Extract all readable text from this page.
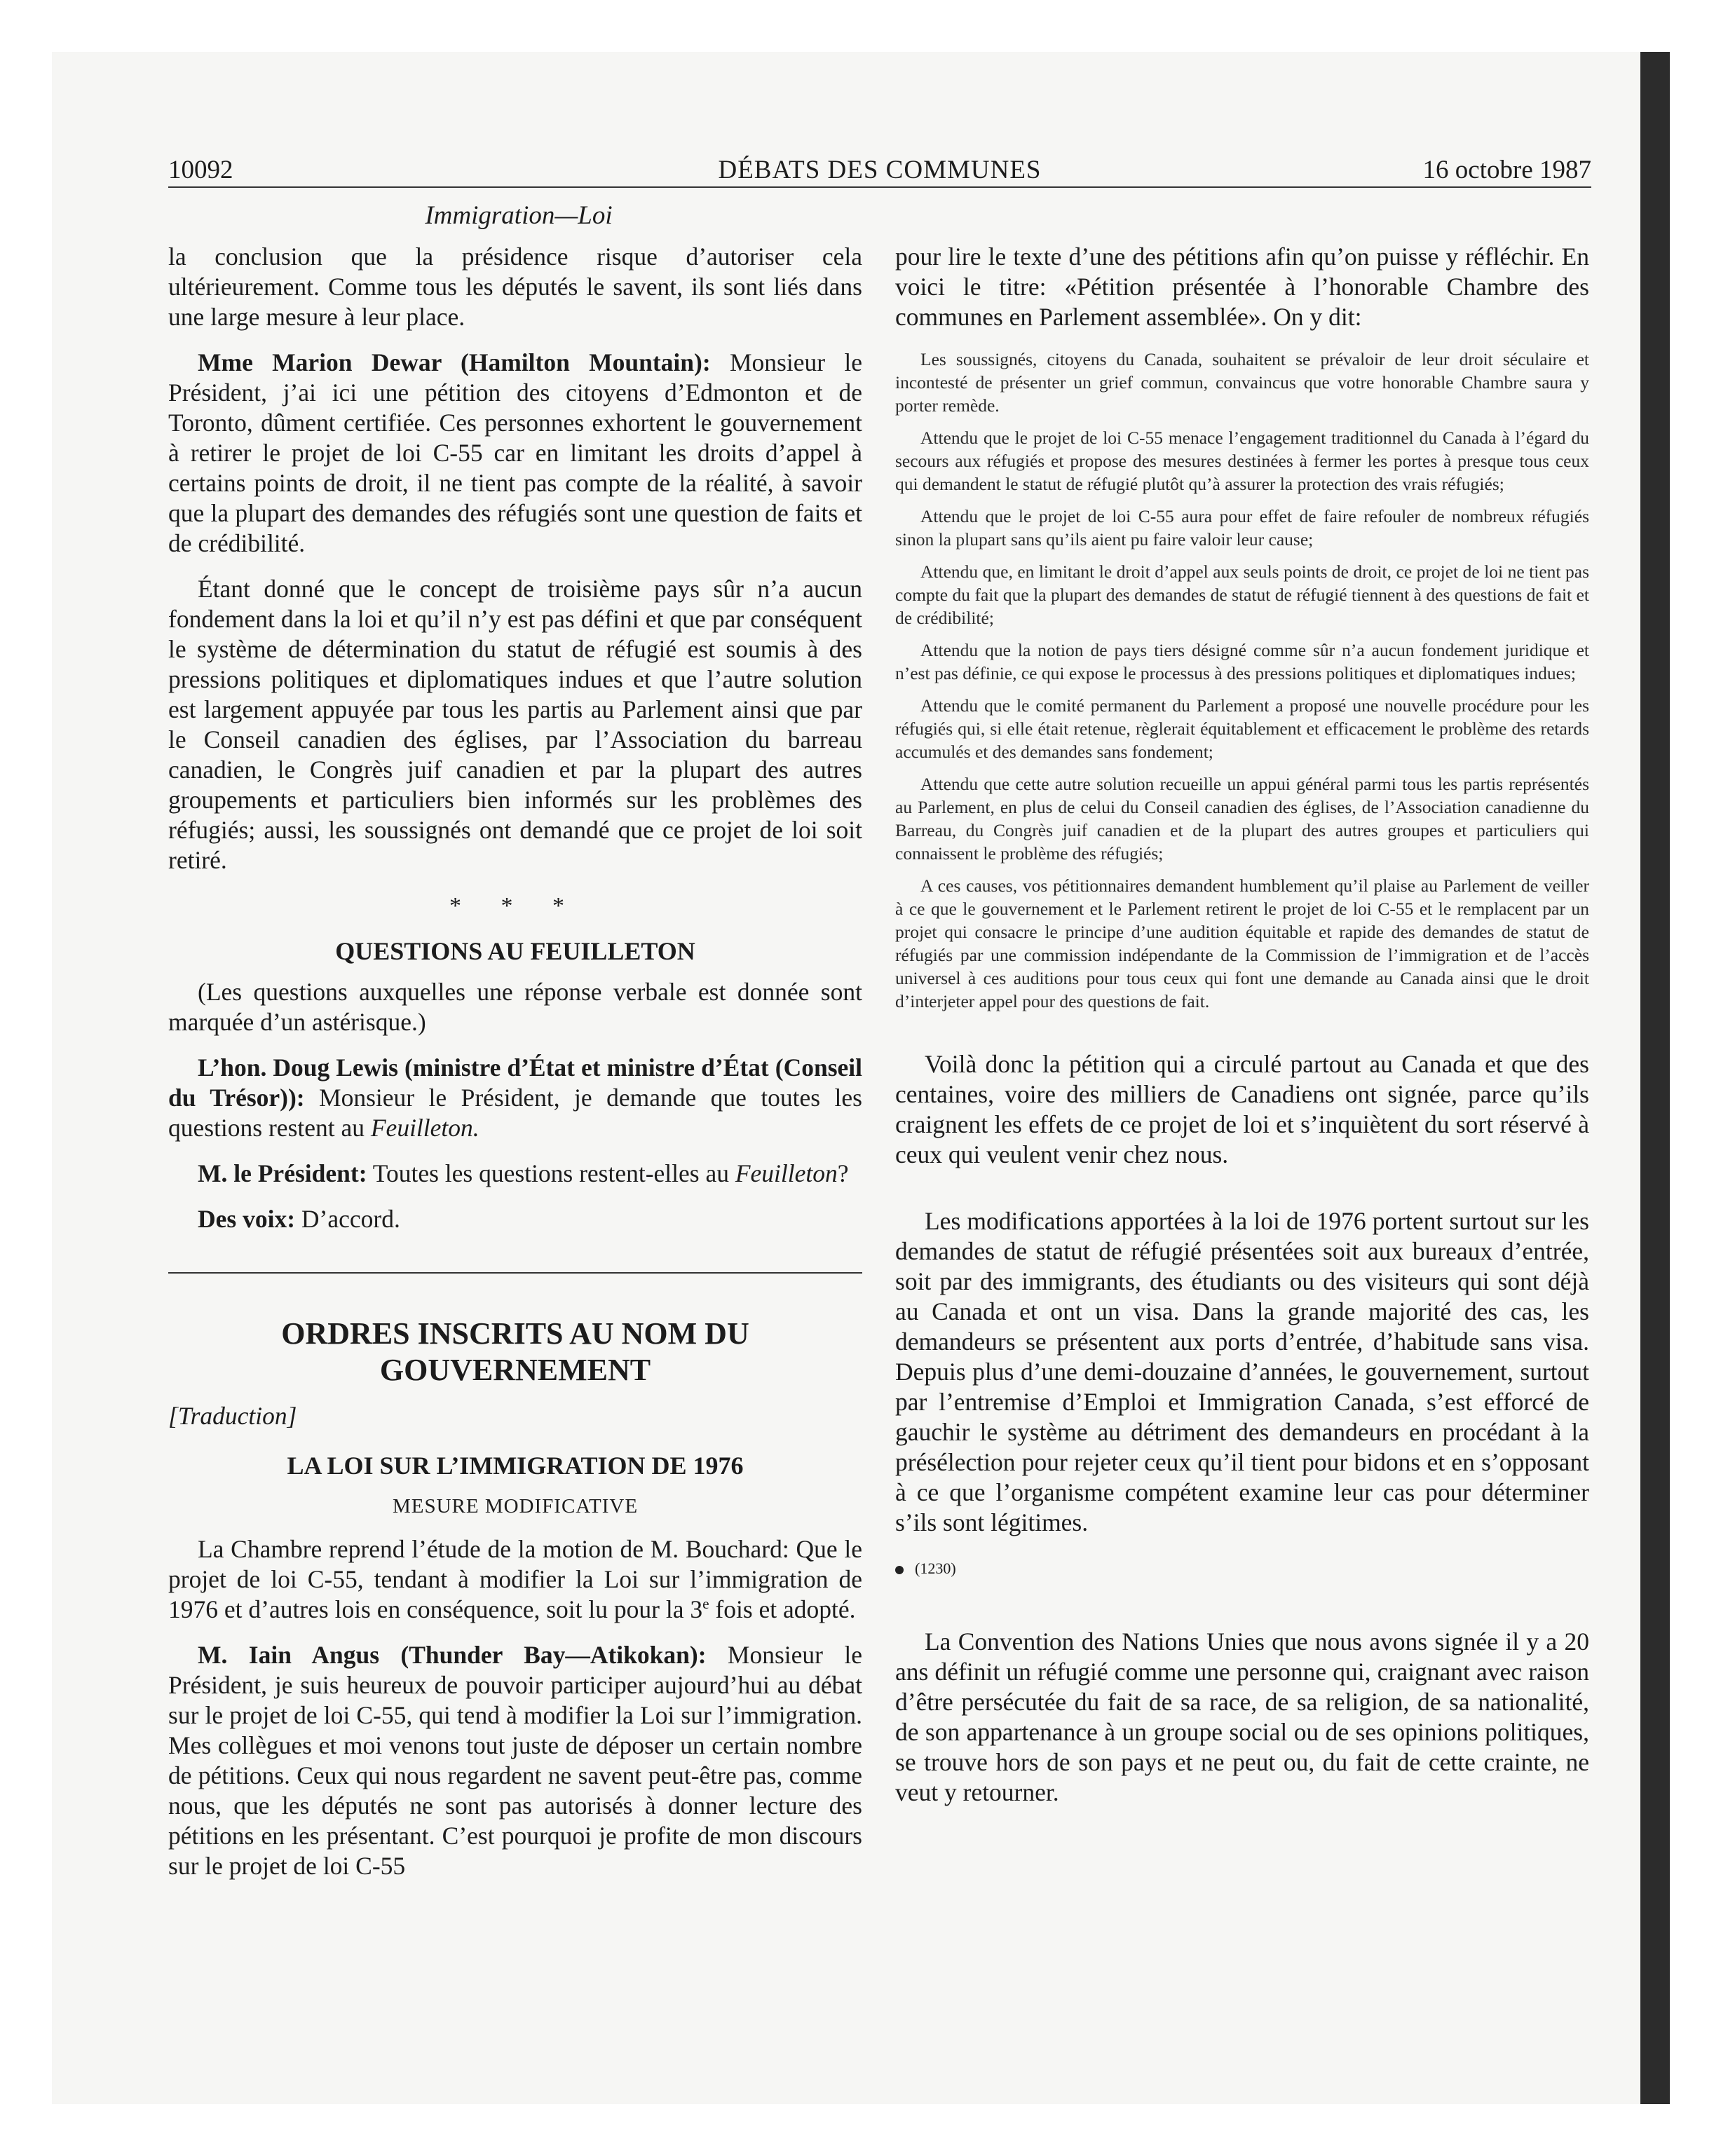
10092	DÉBATS DES COMMUNES	16 octobre 1987
Immigration—Loi

la conclusion que la présidence risque d’autoriser cela ultérieurement. Comme tous les députés le savent, ils sont liés dans une large mesure à leur place.

Mme Marion Dewar (Hamilton Mountain): Monsieur le Président, j’ai ici une pétition des citoyens d’Edmonton et de Toronto, dûment certifiée. Ces personnes exhortent le gouvernement à retirer le projet de loi C-55 car en limitant les droits d’appel à certains points de droit, il ne tient pas compte de la réalité, à savoir que la plupart des demandes des réfugiés sont une question de faits et de crédibilité.

Étant donné que le concept de troisième pays sûr n’a aucun fondement dans la loi et qu’il n’y est pas défini et que par conséquent le système de détermination du statut de réfugié est soumis à des pressions politiques et diplomatiques indues et que l’autre solution est largement appuyée par tous les partis au Parlement ainsi que par le Conseil canadien des églises, par l’Association du barreau canadien, le Congrès juif canadien et par la plupart des autres groupements et particuliers bien informés sur les problèmes des réfugiés; aussi, les soussignés ont demandé que ce projet de loi soit retiré.

* * *
QUESTIONS AU FEUILLETON

(Les questions auxquelles une réponse verbale est donnée sont marquée d’un astérisque.)

L’hon. Doug Lewis (ministre d’État et ministre d’État (Conseil du Trésor)): Monsieur le Président, je demande que toutes les questions restent au Feuilleton.

M. le Président: Toutes les questions restent-elles au Feuilleton?

Des voix: D’accord.

ORDRES INSCRITS AU NOM DU GOUVERNEMENT
[Traduction]
LA LOI SUR L’IMMIGRATION DE 1976
MESURE MODIFICATIVE

La Chambre reprend l’étude de la motion de M. Bouchard: Que le projet de loi C-55, tendant à modifier la Loi sur l’immigration de 1976 et d’autres lois en conséquence, soit lu pour la 3e fois et adopté.

M. Iain Angus (Thunder Bay—Atikokan): Monsieur le Président, je suis heureux de pouvoir participer aujourd’hui au débat sur le projet de loi C-55, qui tend à modifier la Loi sur l’immigration. Mes collègues et moi venons tout juste de déposer un certain nombre de pétitions. Ceux qui nous regardent ne savent peut-être pas, comme nous, que les députés ne sont pas autorisés à donner lecture des pétitions en les présentant. C’est pourquoi je profite de mon discours sur le projet de loi C-55

pour lire le texte d’une des pétitions afin qu’on puisse y réfléchir. En voici le titre: «Pétition présentée à l’honorable Chambre des communes en Parlement assemblée». On y dit:

Les soussignés, citoyens du Canada, souhaitent se prévaloir de leur droit séculaire et incontesté de présenter un grief commun, convaincus que votre honorable Chambre saura y porter remède.

Attendu que le projet de loi C-55 menace l’engagement traditionnel du Canada à l’égard du secours aux réfugiés et propose des mesures destinées à fermer les portes à presque tous ceux qui demandent le statut de réfugié plutôt qu’à assurer la protection des vrais réfugiés;

Attendu que le projet de loi C-55 aura pour effet de faire refouler de nombreux réfugiés sinon la plupart sans qu’ils aient pu faire valoir leur cause;

Attendu que, en limitant le droit d’appel aux seuls points de droit, ce projet de loi ne tient pas compte du fait que la plupart des demandes de statut de réfugié tiennent à des questions de fait et de crédibilité;

Attendu que la notion de pays tiers désigné comme sûr n’a aucun fondement juridique et n’est pas définie, ce qui expose le processus à des pressions politiques et diplomatiques indues;

Attendu que le comité permanent du Parlement a proposé une nouvelle procédure pour les réfugiés qui, si elle était retenue, règlerait équitablement et efficacement le problème des retards accumulés et des demandes sans fondement;

Attendu que cette autre solution recueille un appui général parmi tous les partis représentés au Parlement, en plus de celui du Conseil canadien des églises, de l’Association canadienne du Barreau, du Congrès juif canadien et de la plupart des autres groupes et particuliers qui connaissent le problème des réfugiés;

A ces causes, vos pétitionnaires demandent humblement qu’il plaise au Parlement de veiller à ce que le gouvernement et le Parlement retirent le projet de loi C-55 et le remplacent par un projet qui consacre le principe d’une audition équitable et rapide des demandes de statut de réfugiés par une commission indépendante de la Commission de l’immigration et de l’accès universel à ces auditions pour tous ceux qui font une demande au Canada ainsi que le droit d’interjeter appel pour des questions de fait.

Voilà donc la pétition qui a circulé partout au Canada et que des centaines, voire des milliers de Canadiens ont signée, parce qu’ils craignent les effets de ce projet de loi et s’inquiètent du sort réservé à ceux qui veulent venir chez nous.

Les modifications apportées à la loi de 1976 portent surtout sur les demandes de statut de réfugié présentées soit aux bureaux d’entrée, soit par des immigrants, des étudiants ou des visiteurs qui sont déjà au Canada et ont un visa. Dans la grande majorité des cas, les demandeurs se présentent aux ports d’entrée, d’habitude sans visa. Depuis plus d’une demi-douzaine d’années, le gouvernement, surtout par l’entremise d’Emploi et Immigration Canada, s’est efforcé de gauchir le système au détriment des demandeurs en procédant à la présélection pour rejeter ceux qu’il tient pour bidons et en s’opposant à ce que l’organisme compétent examine leur cas pour déterminer s’ils sont légitimes.

(1230)

La Convention des Nations Unies que nous avons signée il y a 20 ans définit un réfugié comme une personne qui, craignant avec raison d’être persécutée du fait de sa race, de sa religion, de sa nationalité, de son appartenance à un groupe social ou de ses opinions politiques, se trouve hors de son pays et ne peut ou, du fait de cette crainte, ne veut y retourner.
